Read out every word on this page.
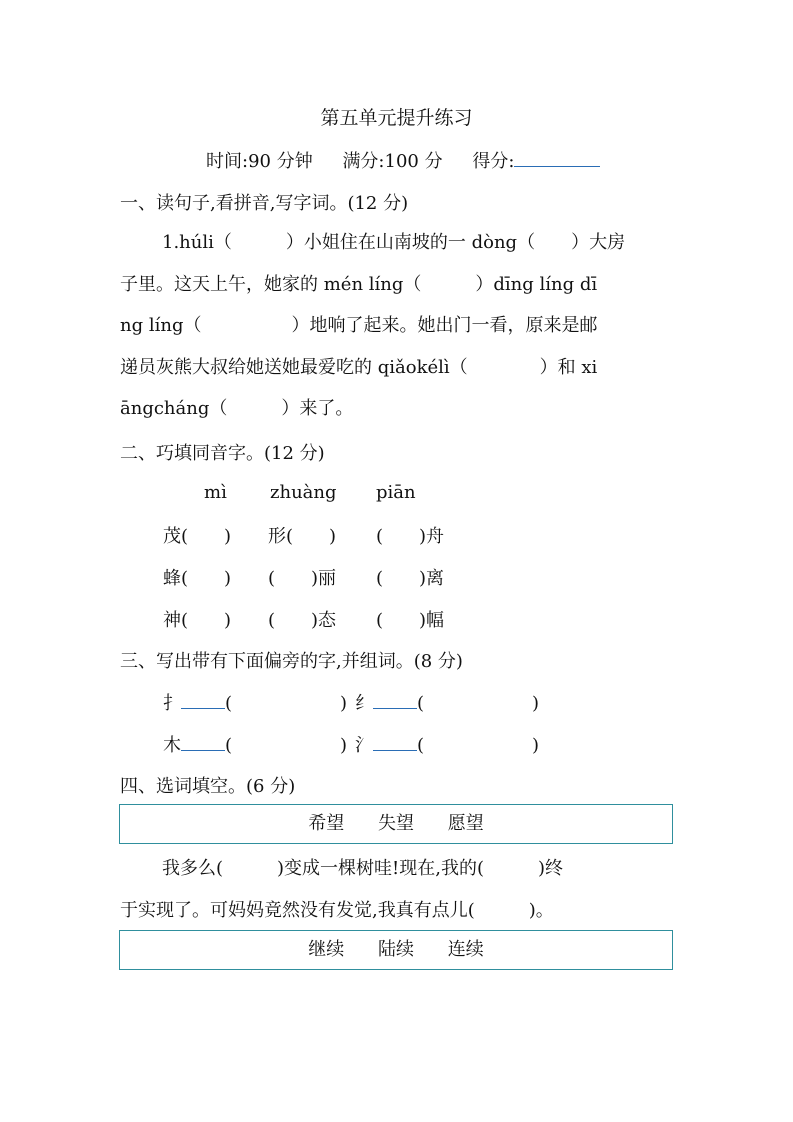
第五单元提升练习
时间:90 分钟 满分:100 分 得分:
一、读句子,看拼音,写字词。(12 分)

1.húli（　　　）小姐住在山南坡的一 dòng（　　）大房

子里。这天上午，她家的 mén líng（　　　）dīng líng dī

ng líng（　　　　　）地响了起来。她出门一看，原来是邮

递员灰熊大叔给她送她最爱吃的 qiǎokélì（　　　　）和 xi

āngcháng（　　　）来了。

二、巧填同音字。(12 分)
mì zhuàng piān
茂(　　) 形(　　) (　　)舟
蜂(　　) (　　)丽 (　　)离
神(　　) (　　)态 (　　)幅
三、写出带有下面偏旁的字,并组词。(8 分)
扌 (　　　　　　) 纟 (　　　　　　)
木 (　　　　　　) 氵 (　　　　　　)
四、选词填空。(6 分)
希望 失望 愿望

我多么(　　　)变成一棵树哇!现在,我的(　　　)终

于实现了。可妈妈竟然没有发觉,我真有点儿(　　　)。

继续 陆续 连续
